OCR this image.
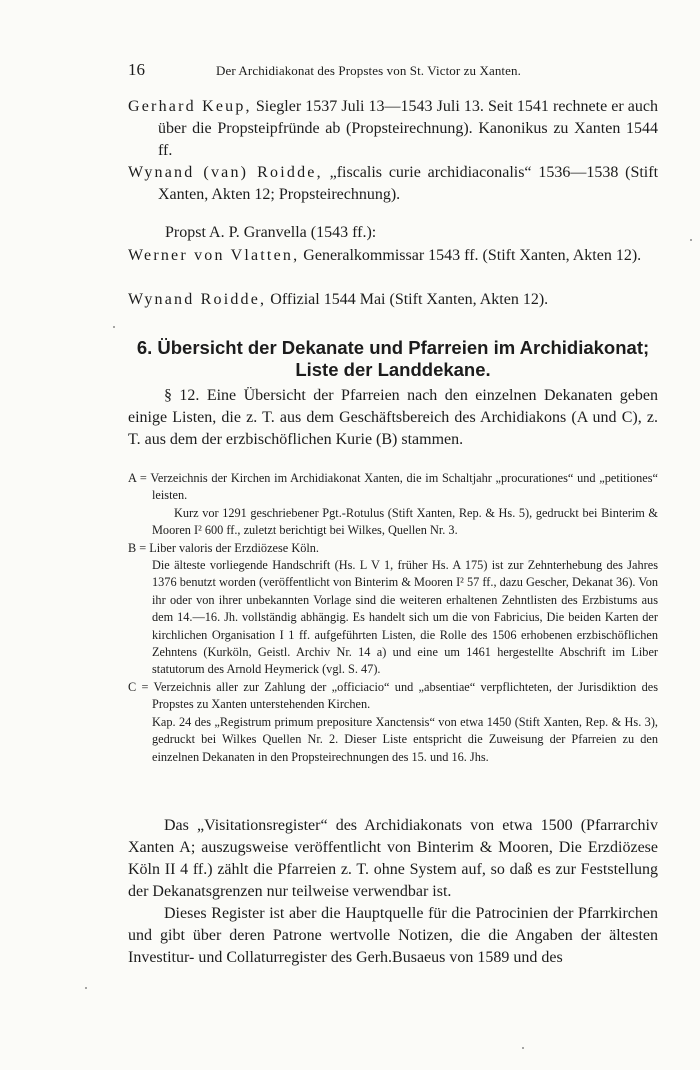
16	Der Archidiakonat des Propstes von St. Victor zu Xanten.
Gerhard Keup, Siegler 1537 Juli 13—1543 Juli 13. Seit 1541 rechnete er auch über die Propsteipfründe ab (Propsteirechnung). Kanonikus zu Xanten 1544 ff.
Wynand (van) Roidde, „fiscalis curie archidiaconalis“ 1536—1538 (Stift Xanten, Akten 12; Propsteirechnung).
Propst A. P. Granvella (1543 ff.):
Werner von Vlatten, Generalkommissar 1543 ff. (Stift Xanten, Akten 12).
Wynand Roidde, Offizial 1544 Mai (Stift Xanten, Akten 12).
6. Übersicht der Dekanate und Pfarreien im Archidiakonat;
Liste der Landdekane.
§ 12. Eine Übersicht der Pfarreien nach den einzelnen Dekanaten geben einige Listen, die z. T. aus dem Geschäftsbereich des Archidiakons (A und C), z. T. aus dem der erzbischöflichen Kurie (B) stammen.
A = Verzeichnis der Kirchen im Archidiakonat Xanten, die im Schaltjahr „procurationes“ und „petitiones“ leisten.
Kurz vor 1291 geschriebener Pgt.-Rotulus (Stift Xanten, Rep. & Hs. 5), gedruckt bei Binterim & Mooren I² 600 ff., zuletzt berichtigt bei Wilkes, Quellen Nr. 3.
B = Liber valoris der Erzdiözese Köln.
Die älteste vorliegende Handschrift (Hs. L V 1, früher Hs. A 175) ist zur Zehnterhebung des Jahres 1376 benutzt worden (veröffentlicht von Binterim & Mooren I² 57 ff., dazu Gescher, Dekanat 36). Von ihr oder von ihrer unbekannten Vorlage sind die weiteren erhaltenen Zehntlisten des Erzbistums aus dem 14.—16. Jh. vollständig abhängig. Es handelt sich um die von Fabricius, Die beiden Karten der kirchlichen Organisation I 1 ff. aufgeführten Listen, die Rolle des 1506 erhobenen erzbischöflichen Zehntens (Kurköln, Geistl. Archiv Nr. 14 a) und eine um 1461 hergestellte Abschrift im Liber statutorum des Arnold Heymerick (vgl. S. 47).
C = Verzeichnis aller zur Zahlung der „officiacio“ und „absentiae“ verpflichteten, der Jurisdiktion des Propstes zu Xanten unterstehenden Kirchen.
Kap. 24 des „Registrum primum prepositure Xanctensis“ von etwa 1450 (Stift Xanten, Rep. & Hs. 3), gedruckt bei Wilkes Quellen Nr. 2. Dieser Liste entspricht die Zuweisung der Pfarreien zu den einzelnen Dekanaten in den Propsteirechnungen des 15. und 16. Jhs.
Das „Visitationsregister“ des Archidiakonats von etwa 1500 (Pfarrarchiv Xanten A; auszugsweise veröffentlicht von Binterim & Mooren, Die Erzdiözese Köln II 4 ff.) zählt die Pfarreien z. T. ohne System auf, so daß es zur Feststellung der Dekanatsgrenzen nur teilweise verwendbar ist.
Dieses Register ist aber die Hauptquelle für die Patrocinien der Pfarrkirchen und gibt über deren Patrone wertvolle Notizen, die die Angaben der ältesten Investitur- und Collaturregister des Gerh.Busaeus von 1589 und des
